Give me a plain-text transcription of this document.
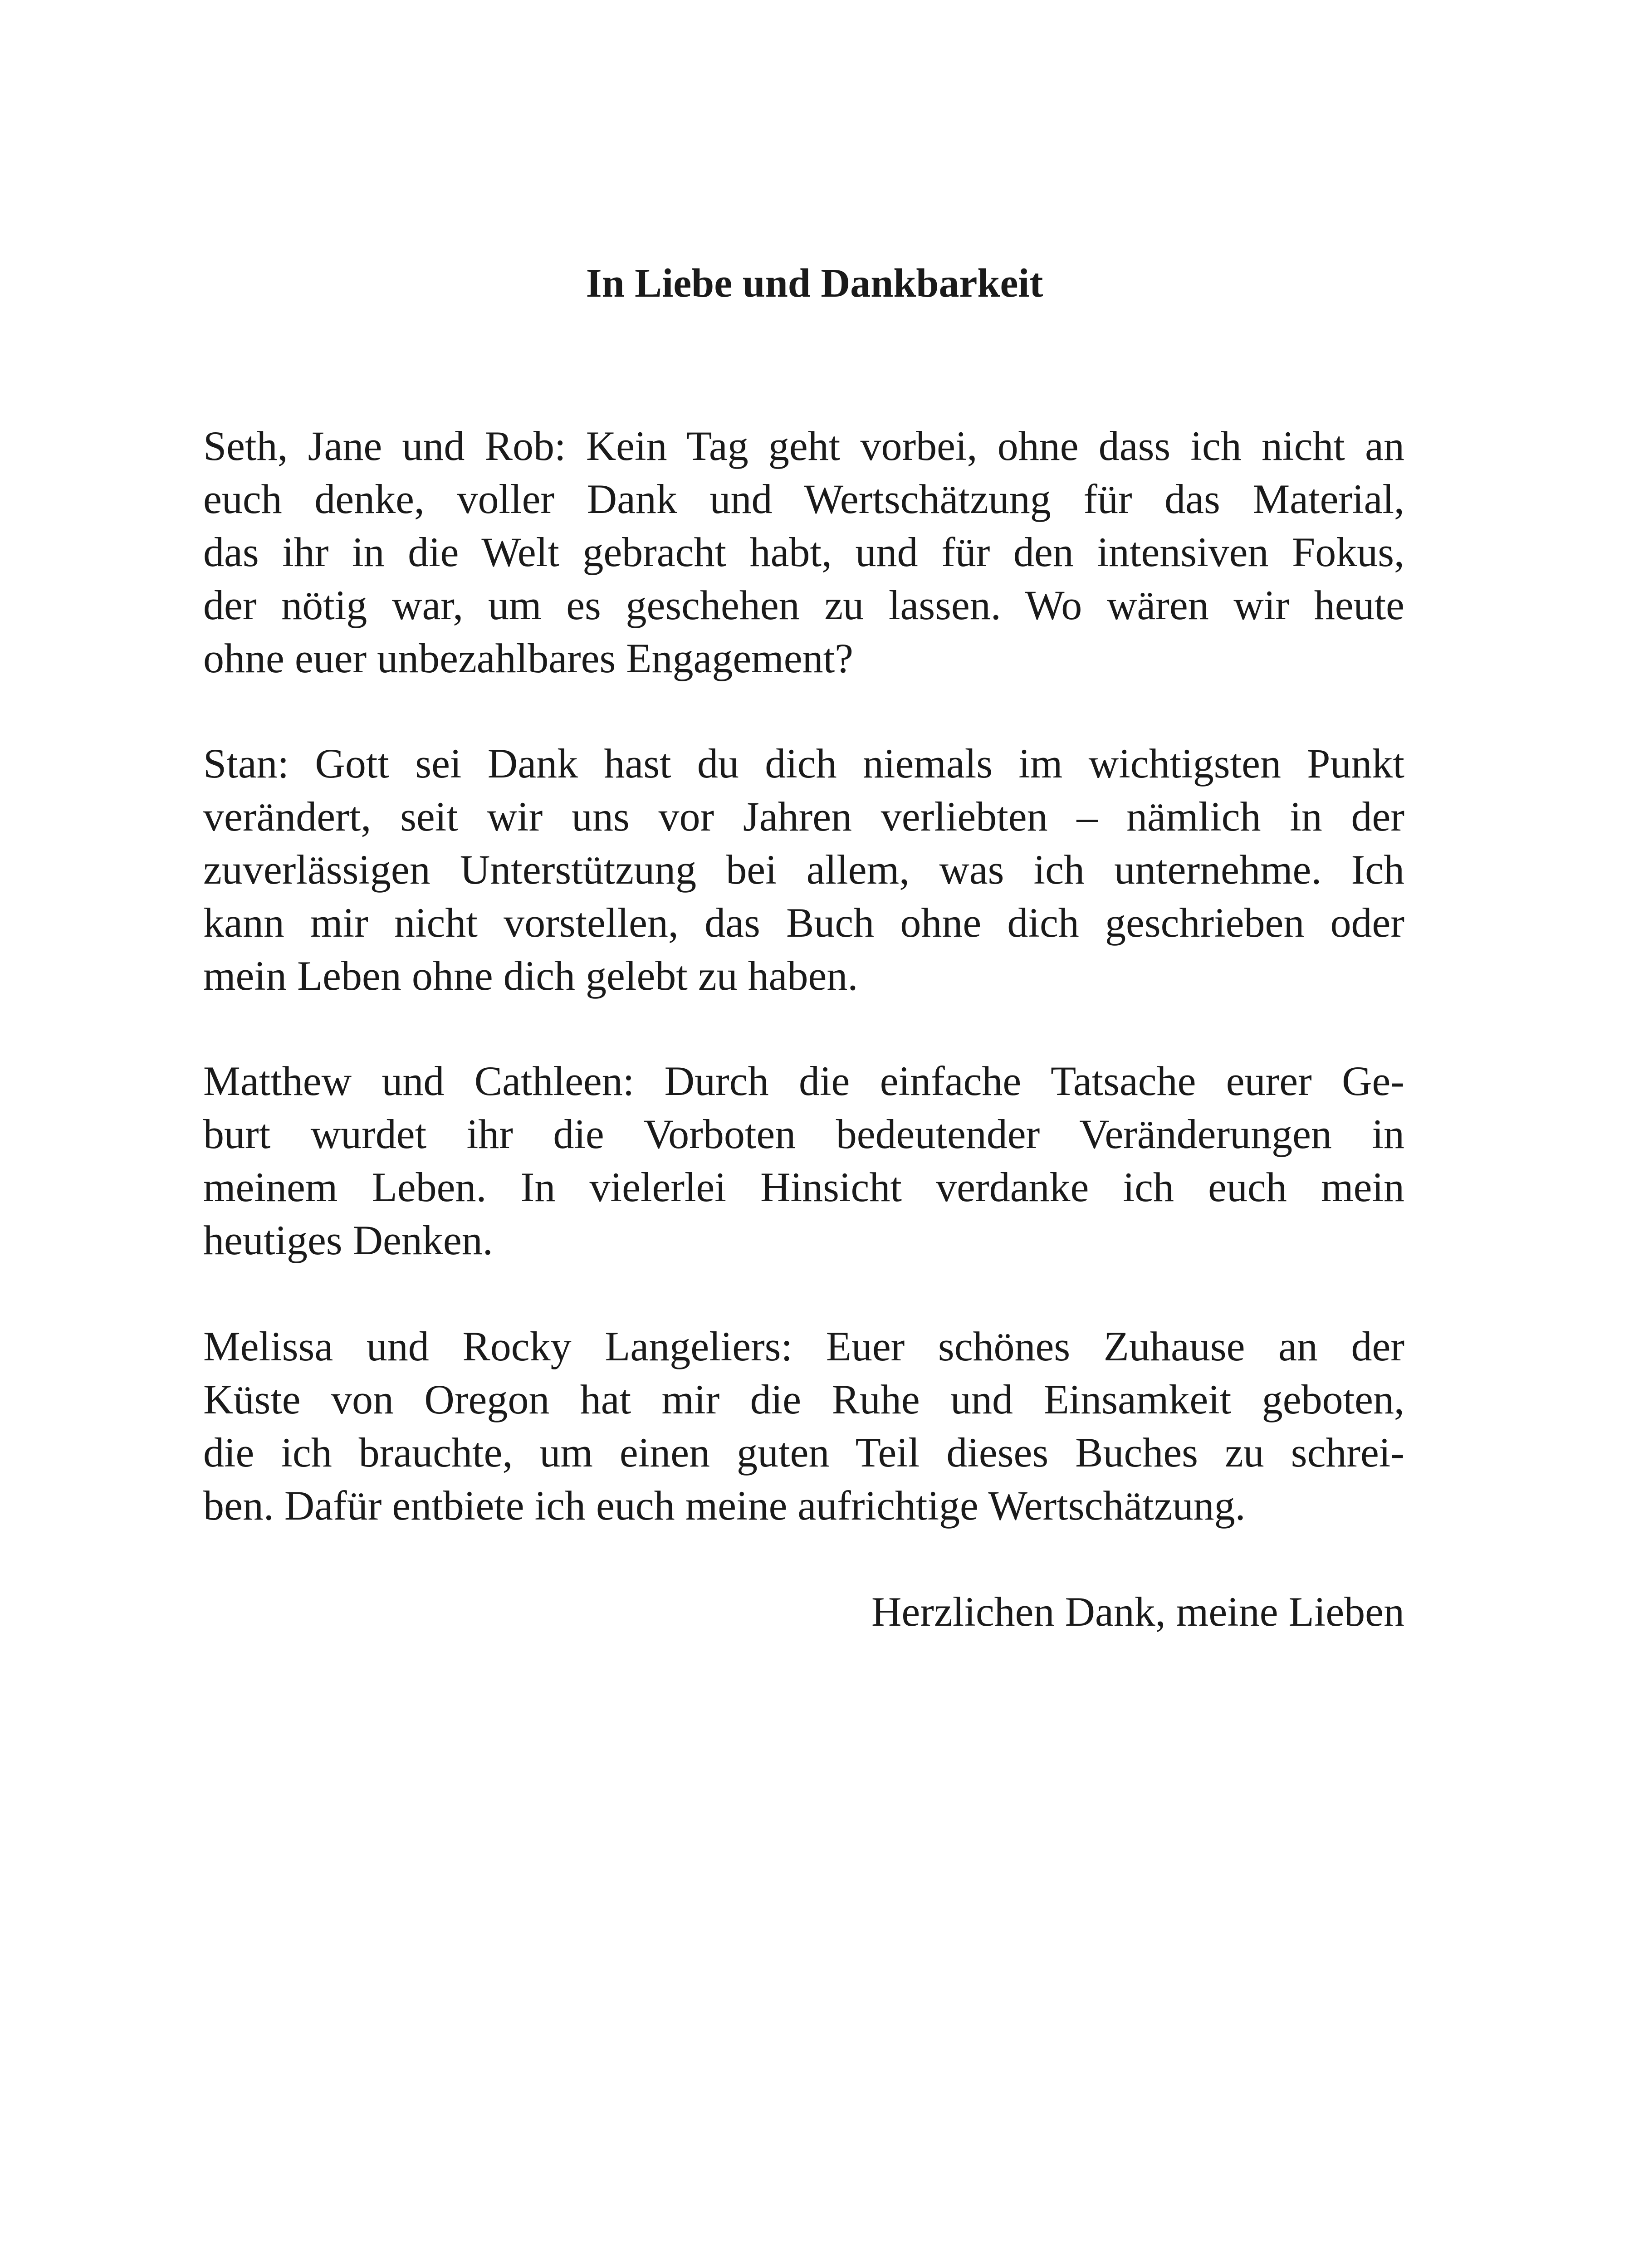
In Liebe und Dankbarkeit

Seth, Jane und Rob: Kein Tag geht vorbei, ohne dass ich nicht an
euch denke, voller Dank und Wertschätzung für das Material,
das ihr in die Welt gebracht habt, und für den intensiven Fokus,
der nötig war, um es geschehen zu lassen. Wo wären wir heute
ohne euer unbezahlbares Engagement?

Stan: Gott sei Dank hast du dich niemals im wichtigsten Punkt
verändert, seit wir uns vor Jahren verliebten – nämlich in der
zuverlässigen Unterstützung bei allem, was ich unternehme. Ich
kann mir nicht vorstellen, das Buch ohne dich geschrieben oder
mein Leben ohne dich gelebt zu haben.

Matthew und Cathleen: Durch die einfache Tatsache eurer Ge-
burt wurdet ihr die Vorboten bedeutender Veränderungen in
meinem Leben. In vielerlei Hinsicht verdanke ich euch mein
heutiges Denken.

Melissa und Rocky Langeliers: Euer schönes Zuhause an der
Küste von Oregon hat mir die Ruhe und Einsamkeit geboten,
die ich brauchte, um einen guten Teil dieses Buches zu schrei-
ben. Dafür entbiete ich euch meine aufrichtige Wertschätzung.

Herzlichen Dank, meine Lieben
